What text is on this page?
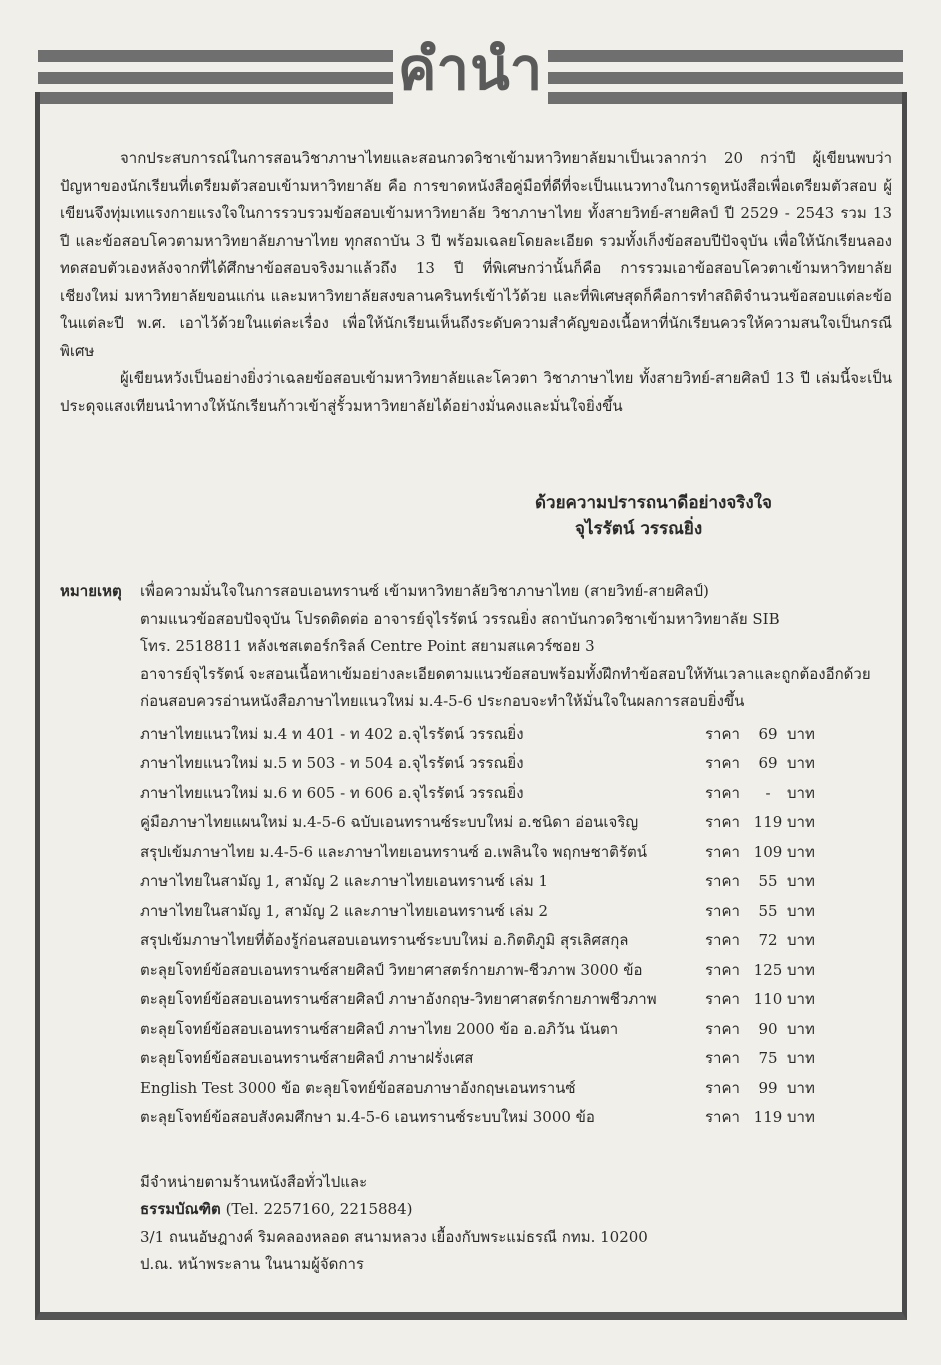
คำนำ

จากประสบการณ์ในการสอนวิชาภาษาไทยและสอนกวดวิชาเข้ามหาวิทยาลัยมาเป็นเวลากว่า 20 กว่าปี ผู้เขียนพบว่าปัญหาของนักเรียนที่เตรียมตัวสอบเข้ามหาวิทยาลัย คือ การขาดหนังสือคู่มือที่ดีที่จะเป็นแนวทางในการดูหนังสือเพื่อเตรียมตัวสอบ ผู้เขียนจึงทุ่มเทแรงกายแรงใจในการรวบรวมข้อสอบเข้ามหาวิทยาลัย วิชาภาษาไทย ทั้งสายวิทย์-สายศิลป์ ปี 2529 - 2543 รวม 13 ปี และข้อสอบโควตามหาวิทยาลัยภาษาไทย ทุกสถาบัน 3 ปี พร้อมเฉลยโดยละเอียด รวมทั้งเก็งข้อสอบปีปัจจุบัน เพื่อให้นักเรียนลองทดสอบตัวเองหลังจากที่ได้ศึกษาข้อสอบจริงมาแล้วถึง 13 ปี ที่พิเศษกว่านั้นก็คือ การรวมเอาข้อสอบโควตาเข้ามหาวิทยาลัยเชียงใหม่ มหาวิทยาลัยขอนแก่น และมหาวิทยาลัยสงขลานครินทร์เข้าไว้ด้วย และที่พิเศษสุดก็คือการทำสถิติจำนวนข้อสอบแต่ละข้อในแต่ละปี พ.ศ. เอาไว้ด้วยในแต่ละเรื่อง เพื่อให้นักเรียนเห็นถึงระดับความสำคัญของเนื้อหาที่นักเรียนควรให้ความสนใจเป็นกรณีพิเศษ

ผู้เขียนหวังเป็นอย่างยิ่งว่าเฉลยข้อสอบเข้ามหาวิทยาลัยและโควตา วิชาภาษาไทย ทั้งสายวิทย์-สายศิลป์ 13 ปี เล่มนี้จะเป็นประดุจแสงเทียนนำทางให้นักเรียนก้าวเข้าสู่รั้วมหาวิทยาลัยได้อย่างมั่นคงและมั่นใจยิ่งขึ้น

ด้วยความปรารถนาดีอย่างจริงใจ
จุไรรัตน์ วรรณยิ่ง
หมายเหตุ เพื่อความมั่นใจในการสอบเอนทรานซ์ เข้ามหาวิทยาลัยวิชาภาษาไทย (สายวิทย์-สายศิลป์)
ตามแนวข้อสอบปัจจุบัน โปรดติดต่อ อาจารย์จุไรรัตน์ วรรณยิ่ง สถาบันกวดวิชาเข้ามหาวิทยาลัย SIB
โทร. 2518811 หลังเชสเตอร์กริลล์ Centre Point สยามสแควร์ซอย 3
อาจารย์จุไรรัตน์ จะสอนเนื้อหาเข้มอย่างละเอียดตามแนวข้อสอบพร้อมทั้งฝึกทำข้อสอบให้ทันเวลาและถูกต้องอีกด้วย
ก่อนสอบควรอ่านหนังสือภาษาไทยแนวใหม่ ม.4-5-6 ประกอบจะทำให้มั่นใจในผลการสอบยิ่งขึ้น
ภาษาไทยแนวใหม่ ม.4 ท 401 - ท 402 อ.จุไรรัตน์ วรรณยิ่ง	ราคา	69 บาท
ภาษาไทยแนวใหม่ ม.5 ท 503 - ท 504 อ.จุไรรัตน์ วรรณยิ่ง	ราคา	69 บาท
ภาษาไทยแนวใหม่ ม.6 ท 605 - ท 606 อ.จุไรรัตน์ วรรณยิ่ง	ราคา	-	บาท
คู่มือภาษาไทยแผนใหม่ ม.4-5-6 ฉบับเอนทรานซ์ระบบใหม่ อ.ชนิดา อ่อนเจริญ	ราคา 119 บาท
สรุปเข้มภาษาไทย ม.4-5-6 และภาษาไทยเอนทรานซ์ อ.เพลินใจ พฤกษชาติรัตน์	ราคา 109 บาท
ภาษาไทยในสามัญ 1, สามัญ 2 และภาษาไทยเอนทรานซ์ เล่ม 1	ราคา	55 บาท
ภาษาไทยในสามัญ 1, สามัญ 2 และภาษาไทยเอนทรานซ์ เล่ม 2	ราคา	55 บาท
สรุปเข้มภาษาไทยที่ต้องรู้ก่อนสอบเอนทรานซ์ระบบใหม่ อ.กิตติภูมิ สุรเลิศสกุล	ราคา	72 บาท
ตะลุยโจทย์ข้อสอบเอนทรานซ์สายศิลป์ วิทยาศาสตร์กายภาพ-ชีวภาพ 3000 ข้อ	ราคา 125 บาท
ตะลุยโจทย์ข้อสอบเอนทรานซ์สายศิลป์ ภาษาอังกฤษ-วิทยาศาสตร์กายภาพชีวภาพ	ราคา 110 บาท
ตะลุยโจทย์ข้อสอบเอนทรานซ์สายศิลป์ ภาษาไทย 2000 ข้อ อ.อภิวัน นันตา	ราคา	90 บาท
ตะลุยโจทย์ข้อสอบเอนทรานซ์สายศิลป์ ภาษาฝรั่งเศส	ราคา	75 บาท
English Test 3000 ข้อ ตะลุยโจทย์ข้อสอบภาษาอังกฤษเอนทรานซ์	ราคา	99 บาท
ตะลุยโจทย์ข้อสอบสังคมศึกษา ม.4-5-6 เอนทรานซ์ระบบใหม่ 3000 ข้อ	ราคา 119 บาท
มีจำหน่ายตามร้านหนังสือทั่วไปและ
ธรรมบัณฑิต (Tel. 2257160, 2215884)
3/1 ถนนอัษฎางค์ ริมคลองหลอด สนามหลวง เยื้องกับพระแม่ธรณี กทม. 10200
ป.ณ. หน้าพระลาน ในนามผู้จัดการ
